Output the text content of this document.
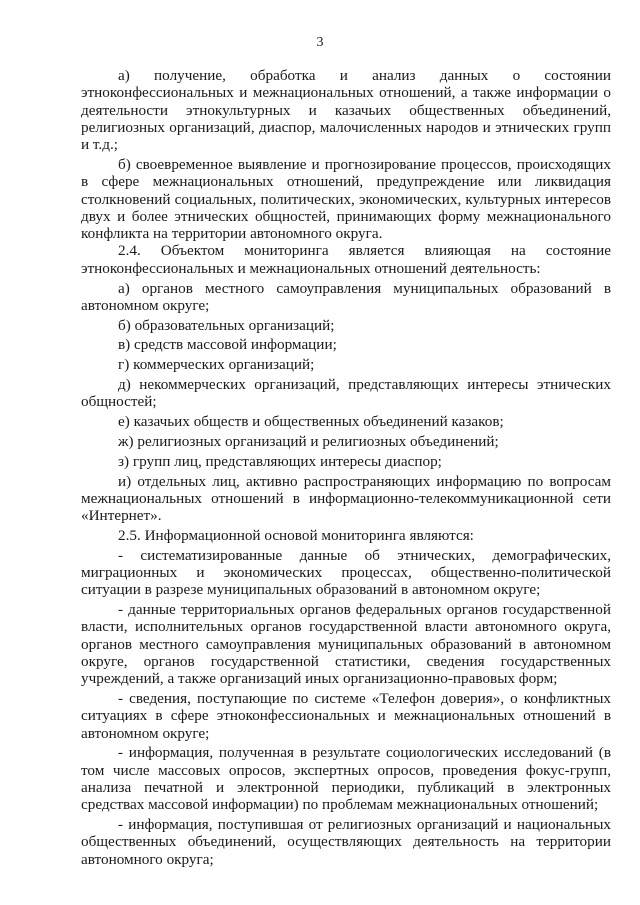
3

а) получение, обработка и анализ данных о состоянии этноконфессиональных и межнациональных отношений, а также информации о деятельности этнокультурных и казачьих общественных объединений, религиозных организаций, диаспор, малочисленных народов и этнических групп и т.д.;

б) своевременное выявление и прогнозирование процессов, происходящих в сфере межнациональных отношений, предупреждение или ликвидация столкновений социальных, политических, экономических, культурных интересов двух и более этнических общностей, принимающих форму межнационального конфликта на территории автономного округа.

2.4. Объектом мониторинга является влияющая на состояние этноконфессиональных и межнациональных отношений деятельность:

а) органов местного самоуправления муниципальных образований в автономном округе;

б) образовательных организаций;

в) средств массовой информации;

г) коммерческих организаций;

д) некоммерческих организаций, представляющих интересы этнических общностей;

е) казачьих обществ и общественных объединений казаков;

ж) религиозных организаций и религиозных объединений;

з) групп лиц, представляющих интересы диаспор;

и) отдельных лиц, активно распространяющих информацию по вопросам межнациональных отношений в информационно-телекоммуникационной сети «Интернет».

2.5. Информационной основой мониторинга являются:

- систематизированные данные об этнических, демографических, миграционных и экономических процессах, общественно-политической ситуации в разрезе муниципальных образований в автономном округе;

- данные территориальных органов федеральных органов государственной власти, исполнительных органов государственной власти автономного округа, органов местного самоуправления муниципальных образований в автономном округе, органов государственной статистики, сведения государственных учреждений, а также организаций иных организационно-правовых форм;

- сведения, поступающие по системе «Телефон доверия», о конфликтных ситуациях в сфере этноконфессиональных и межнациональных отношений в автономном округе;

- информация, полученная в результате социологических исследований (в том числе массовых опросов, экспертных опросов, проведения фокус-групп, анализа печатной и электронной периодики, публикаций в электронных средствах массовой информации) по проблемам межнациональных отношений;

- информация, поступившая от религиозных организаций и национальных общественных объединений, осуществляющих деятельность на территории автономного округа;
